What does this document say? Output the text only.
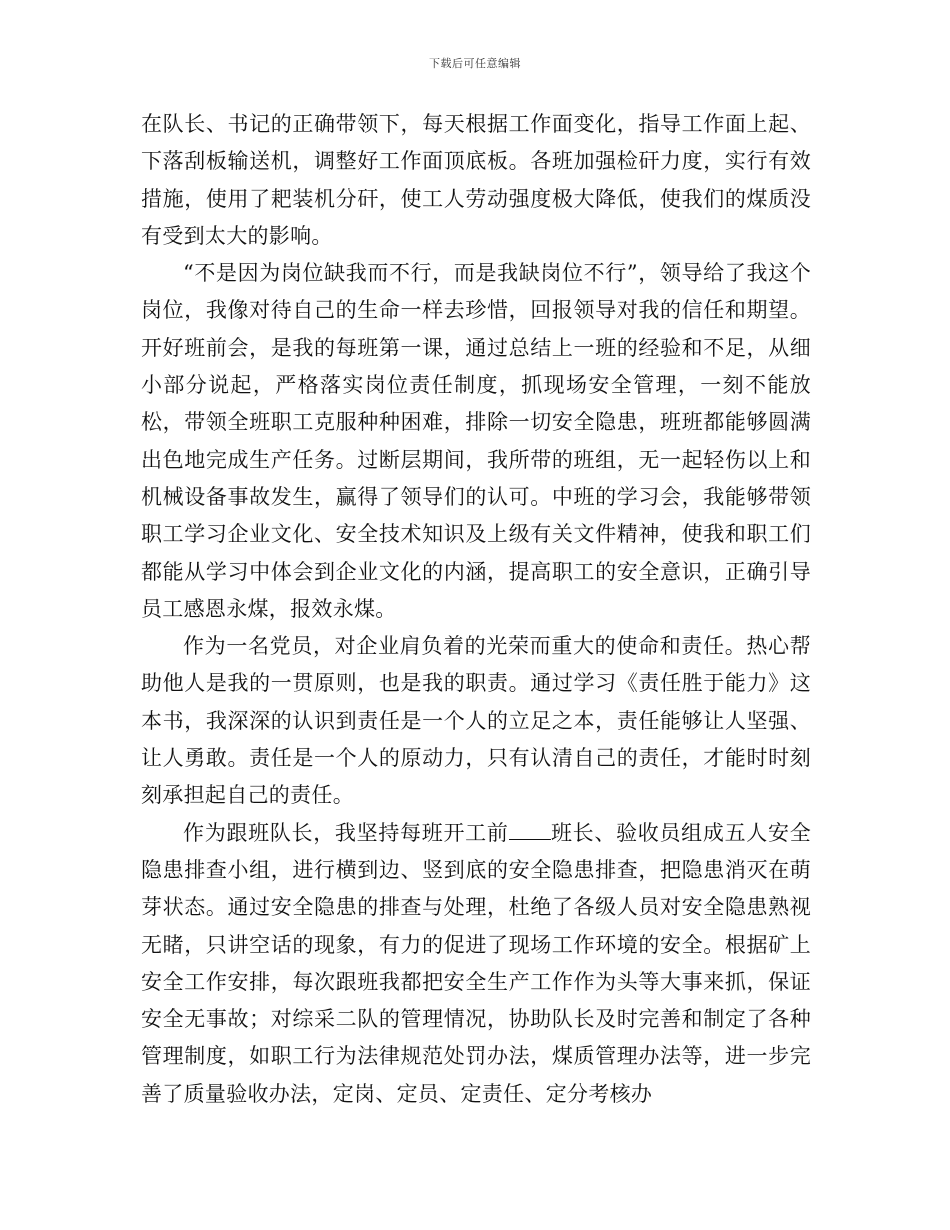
下载后可任意编辑

在队长、书记的正确带领下，每天根据工作面变化，指导工作面上起、下落刮板输送机，调整好工作面顶底板。各班加强检矸力度，实行有效措施，使用了耙装机分矸，使工人劳动强度极大降低，使我们的煤质没有受到太大的影响。

“不是因为岗位缺我而不行，而是我缺岗位不行”，领导给了我这个岗位，我像对待自己的生命一样去珍惜，回报领导对我的信任和期望。开好班前会，是我的每班第一课，通过总结上一班的经验和不足，从细小部分说起，严格落实岗位责任制度，抓现场安全管理，一刻不能放松，带领全班职工克服种种困难，排除一切安全隐患，班班都能够圆满出色地完成生产任务。过断层期间，我所带的班组，无一起轻伤以上和机械设备事故发生，赢得了领导们的认可。中班的学习会，我能够带领职工学习企业文化、安全技术知识及上级有关文件精神，使我和职工们都能从学习中体会到企业文化的内涵，提高职工的安全意识，正确引导员工感恩永煤，报效永煤。

作为一名党员，对企业肩负着的光荣而重大的使命和责任。热心帮助他人是我的一贯原则，也是我的职责。通过学习《责任胜于能力》这本书，我深深的认识到责任是一个人的立足之本，责任能够让人坚强、让人勇敢。责任是一个人的原动力，只有认清自己的责任，才能时时刻刻承担起自己的责任。

作为跟班队长，我坚持每班开工前 班长、验收员组成五人安全隐患排查小组，进行横到边、竖到底的安全隐患排查，把隐患消灭在萌芽状态。通过安全隐患的排查与处理，杜绝了各级人员对安全隐患熟视无睹，只讲空话的现象，有力的促进了现场工作环境的安全。根据矿上安全工作安排，每次跟班我都把安全生产工作作为头等大事来抓，保证安全无事故；对综采二队的管理情况，协助队长及时完善和制定了各种管理制度，如职工行为法律规范处罚办法，煤质管理办法等，进一步完善了质量验收办法，定岗、定员、定责任、定分考核办
